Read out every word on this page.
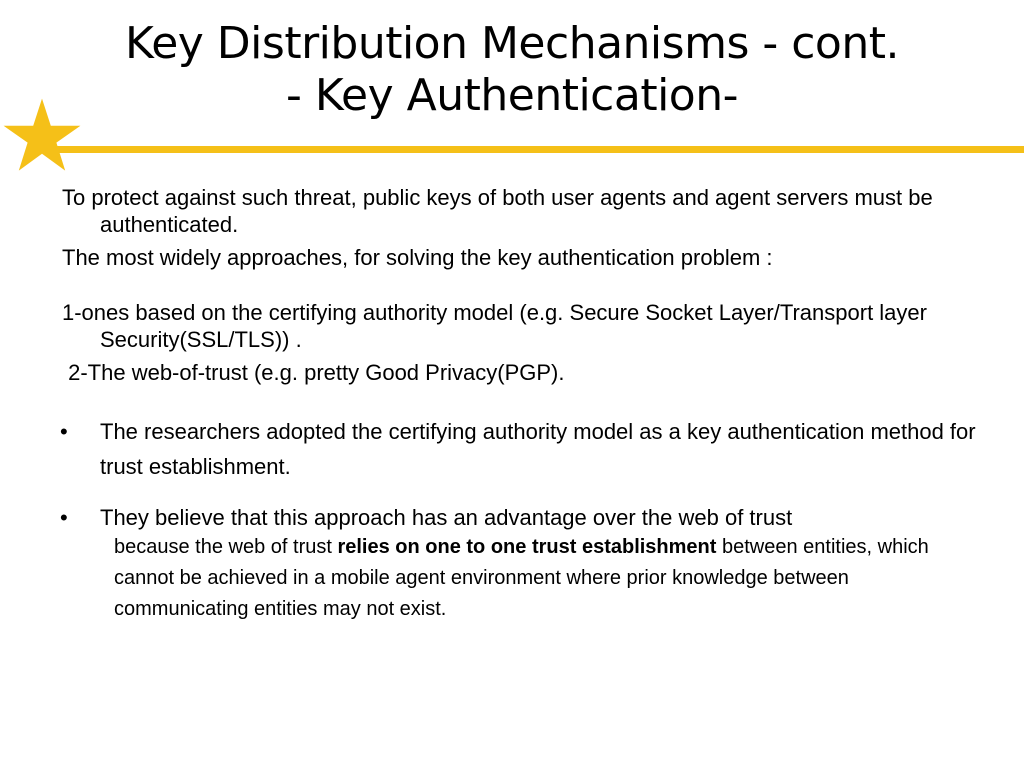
Key Distribution Mechanisms - cont.
- Key Authentication-

To protect against such threat, public keys of both user agents and agent servers must be authenticated.

The most widely approaches, for solving the key authentication problem :

1-ones based on the certifying authority model (e.g. Secure Socket Layer/Transport layer Security(SSL/TLS)) .

2-The web-of-trust (e.g. pretty Good Privacy(PGP).

• The researchers adopted the certifying authority model as a key authentication method for trust establishment.
• They believe that this approach has an advantage over the web of trust
because the web of trust relies on one to one trust establishment between entities, which cannot be achieved in a mobile agent environment where prior knowledge between communicating entities may not exist.
